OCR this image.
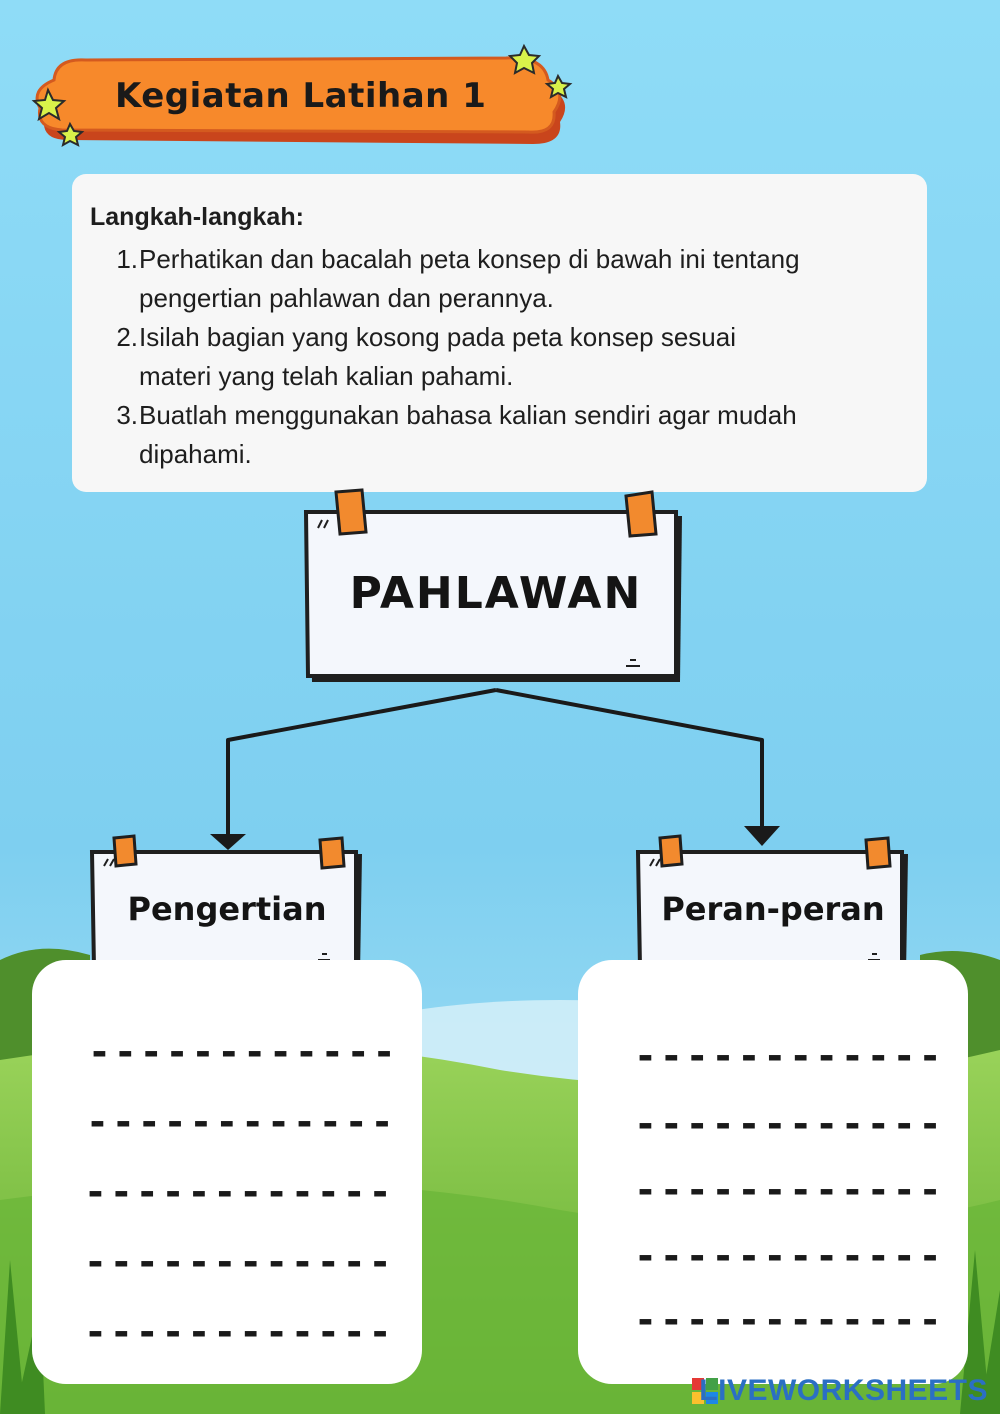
Kegiatan Latihan 1
Langkah-langkah:
1. Perhatikan dan bacalah peta konsep di bawah ini tentang
pengertian pahlawan dan perannya.
2. Isilah bagian yang kosong pada peta konsep sesuai
materi yang telah kalian pahami.
3. Buatlah menggunakan bahasa kalian sendiri agar mudah
dipahami.
PAHLAWAN
Pengertian	Peran-peran
------------
------------
------------
------------
------------
------------
------------
------------
------------
------------
LIVEWORKSHEETS
